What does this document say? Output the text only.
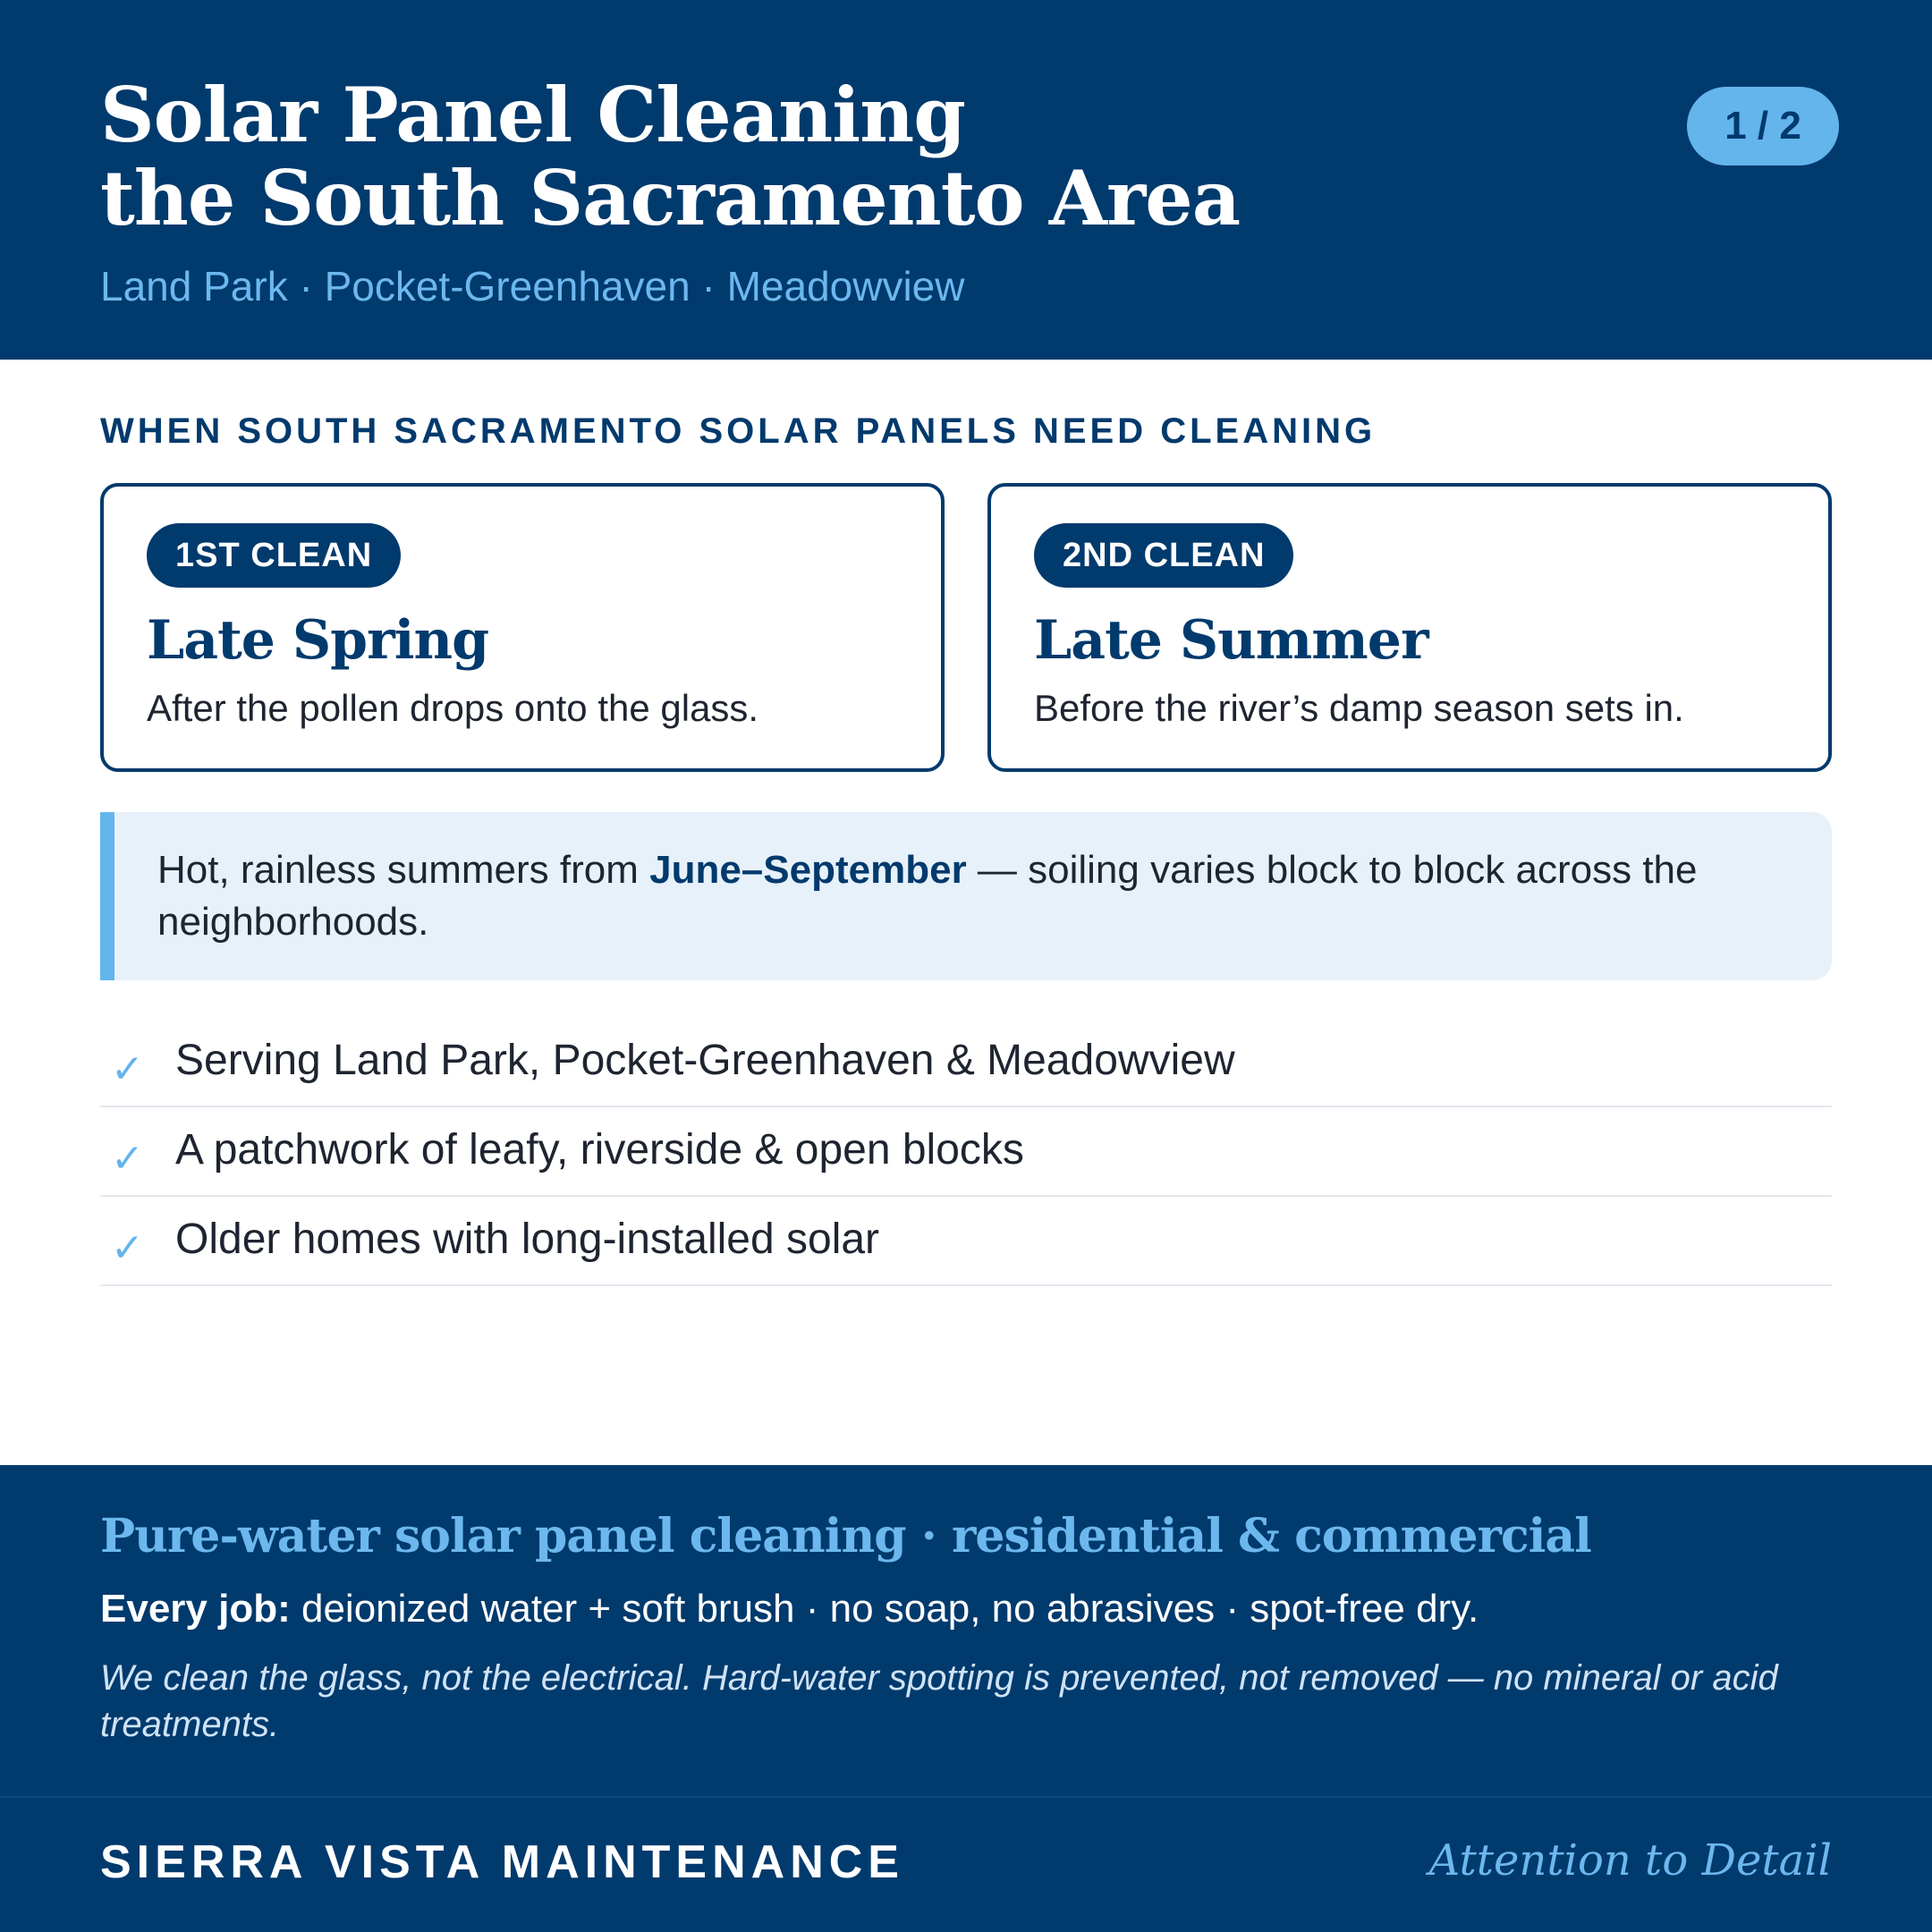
Solar Panel Cleaning
the South Sacramento Area
Land Park · Pocket-Greenhaven · Meadowview
1 / 2
WHEN SOUTH SACRAMENTO SOLAR PANELS NEED CLEANING
1ST CLEAN
Late Spring
After the pollen drops onto the glass.
2ND CLEAN
Late Summer
Before the river’s damp season sets in.

Hot, rainless summers from June–September — soiling varies block to block across the neighborhoods.

✓ Serving Land Park, Pocket-Greenhaven & Meadowview
✓ A patchwork of leafy, riverside & open blocks
✓ Older homes with long-installed solar
Pure-water solar panel cleaning · residential & commercial
Every job: deionized water + soft brush · no soap, no abrasives · spot-free dry.
We clean the glass, not the electrical. Hard-water spotting is prevented, not removed — no mineral or acid treatments.
SIERRA VISTA MAINTENANCE	Attention to Detail
